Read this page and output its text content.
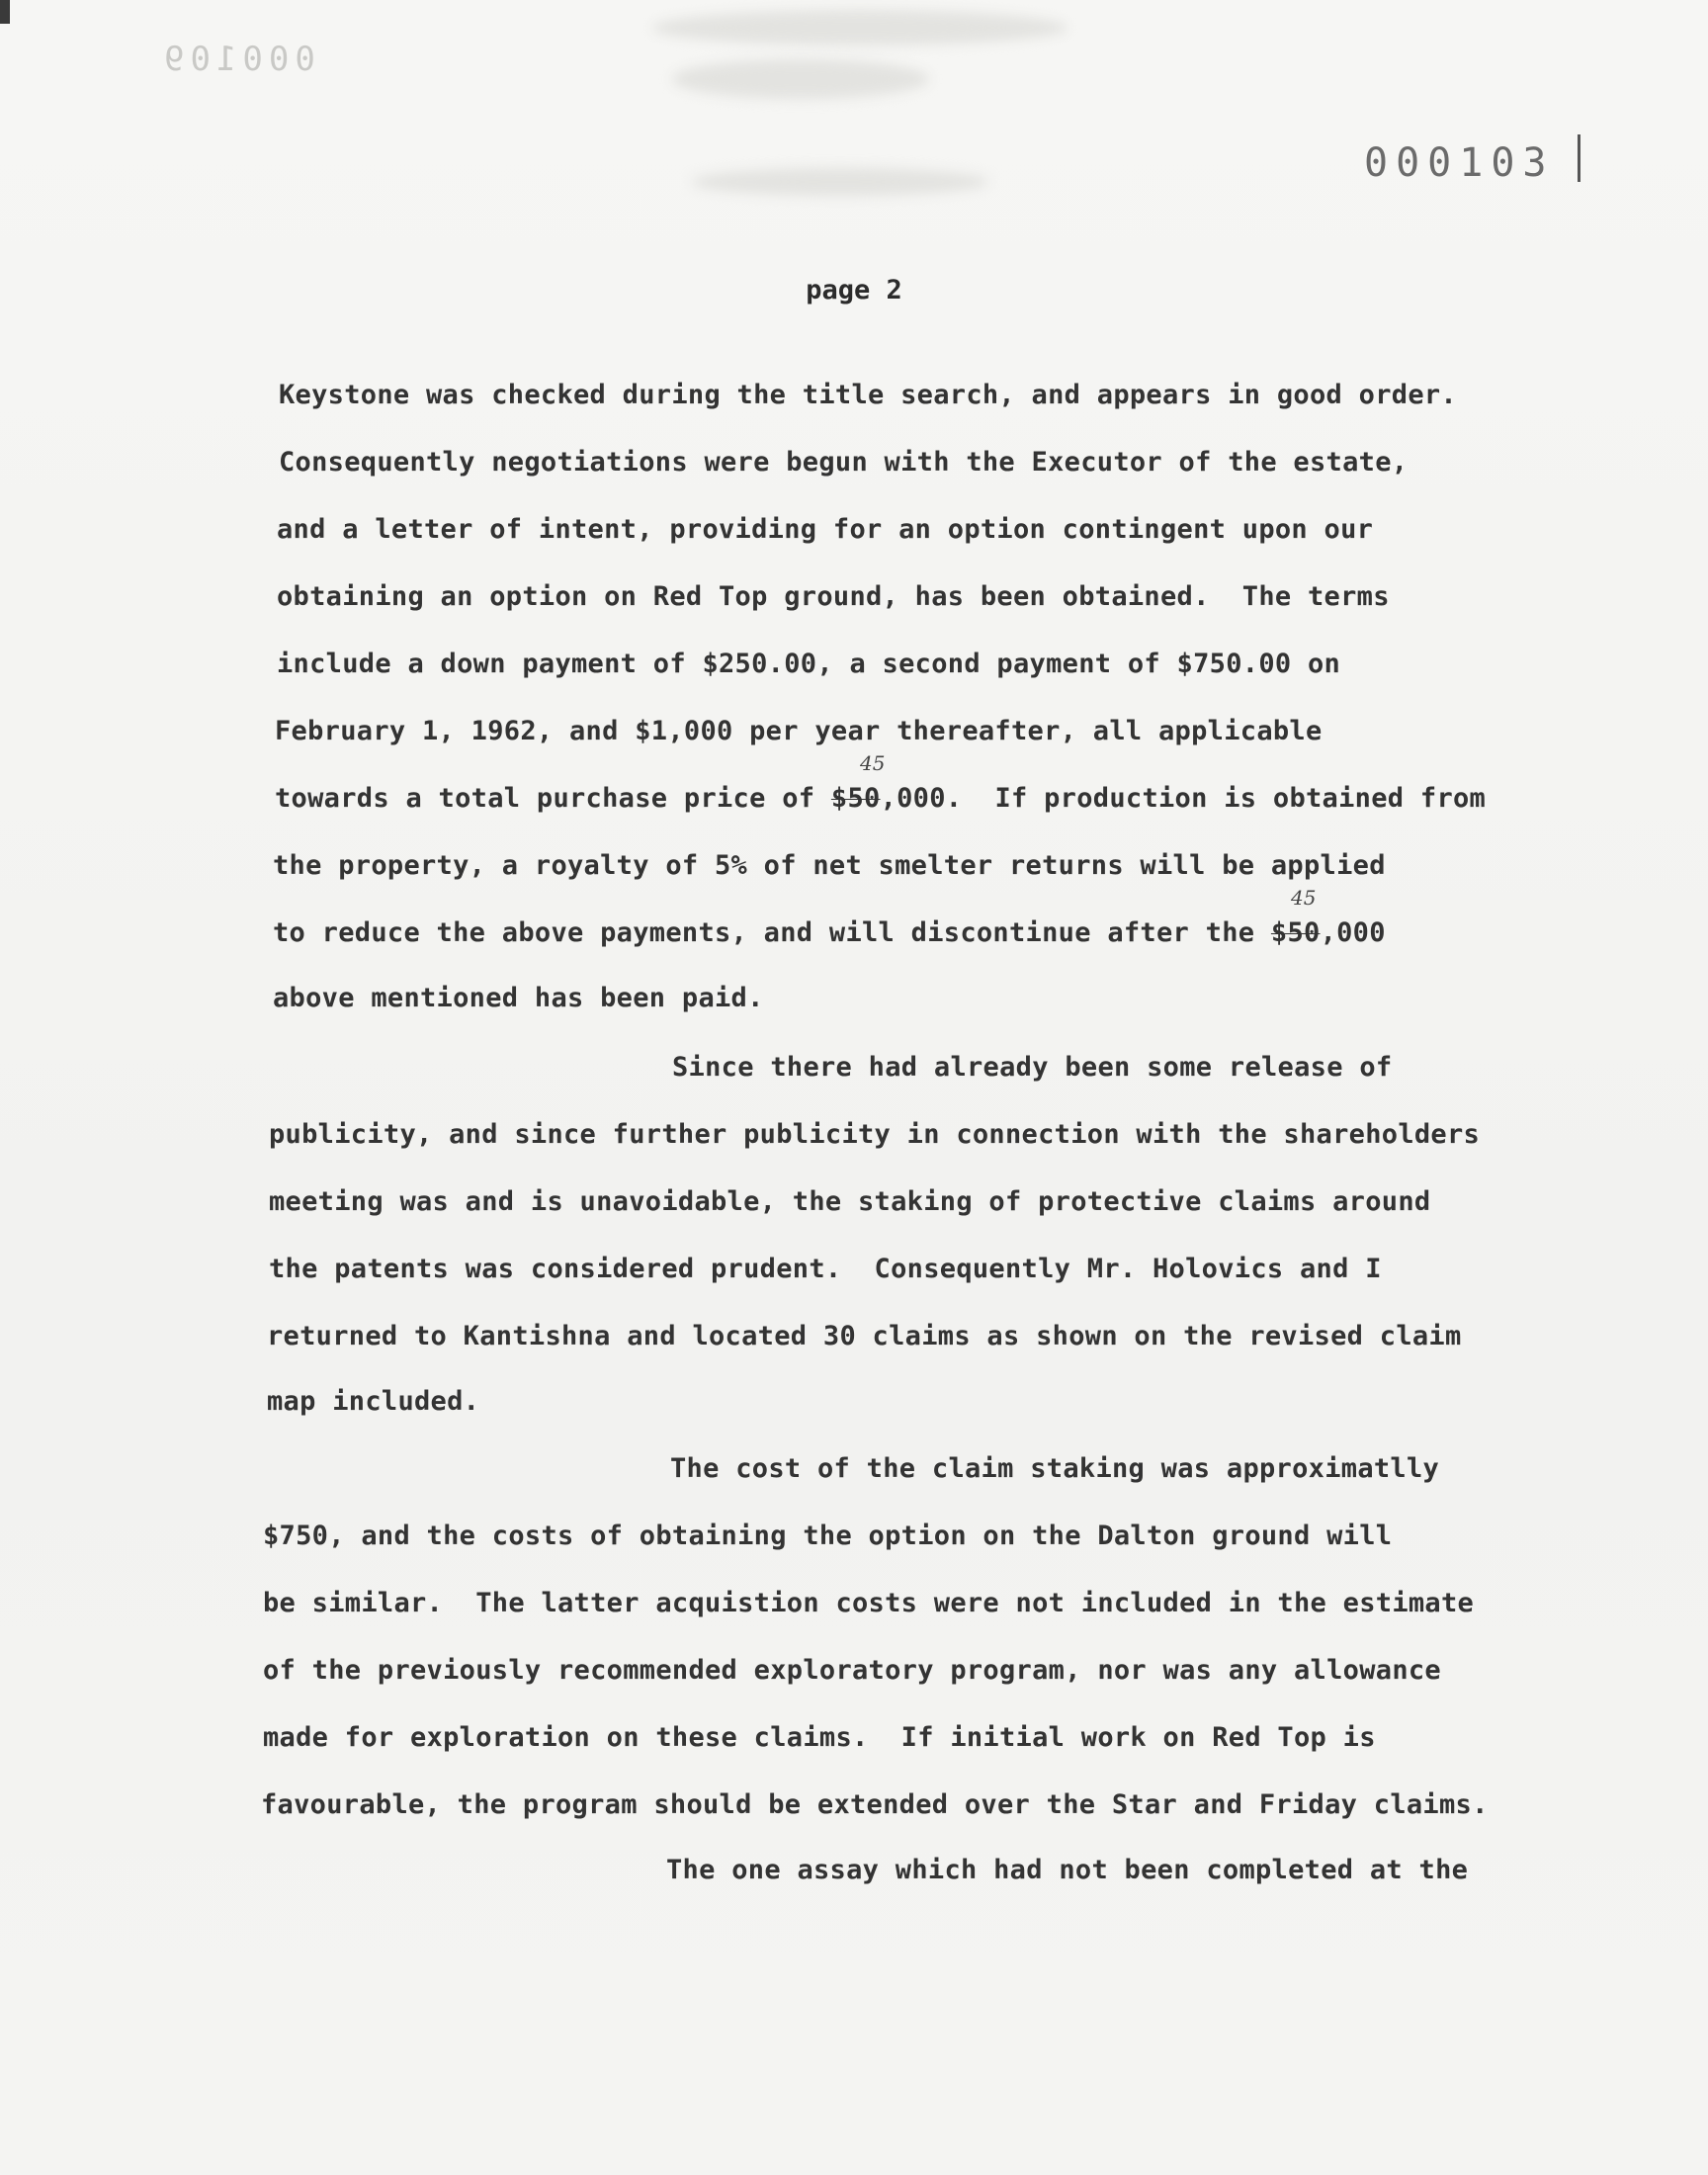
000109
000103
page 2
Keystone was checked during the title search, and appears in good order.
Consequently negotiations were begun with the Executor of the estate,
and a letter of intent, providing for an option contingent upon our
obtaining an option on Red Top ground, has been obtained.  The terms
include a down payment of $250.00, a second payment of $750.00 on
February 1, 1962, and $1,000 per year thereafter, all applicable
towards a total purchase price of $50,000.  If production is obtained from
45
the property, a royalty of 5% of net smelter returns will be applied
to reduce the above payments, and will discontinue after the $50,000
45
above mentioned has been paid.
Since there had already been some release of
publicity, and since further publicity in connection with the shareholders
meeting was and is unavoidable, the staking of protective claims around
the patents was considered prudent.  Consequently Mr. Holovics and I
returned to Kantishna and located 30 claims as shown on the revised claim
map included.
The cost of the claim staking was approximatlly
$750, and the costs of obtaining the option on the Dalton ground will
be similar.  The latter acquistion costs were not included in the estimate
of the previously recommended exploratory program, nor was any allowance
made for exploration on these claims.  If initial work on Red Top is
favourable, the program should be extended over the Star and Friday claims.
The one assay which had not been completed at the
